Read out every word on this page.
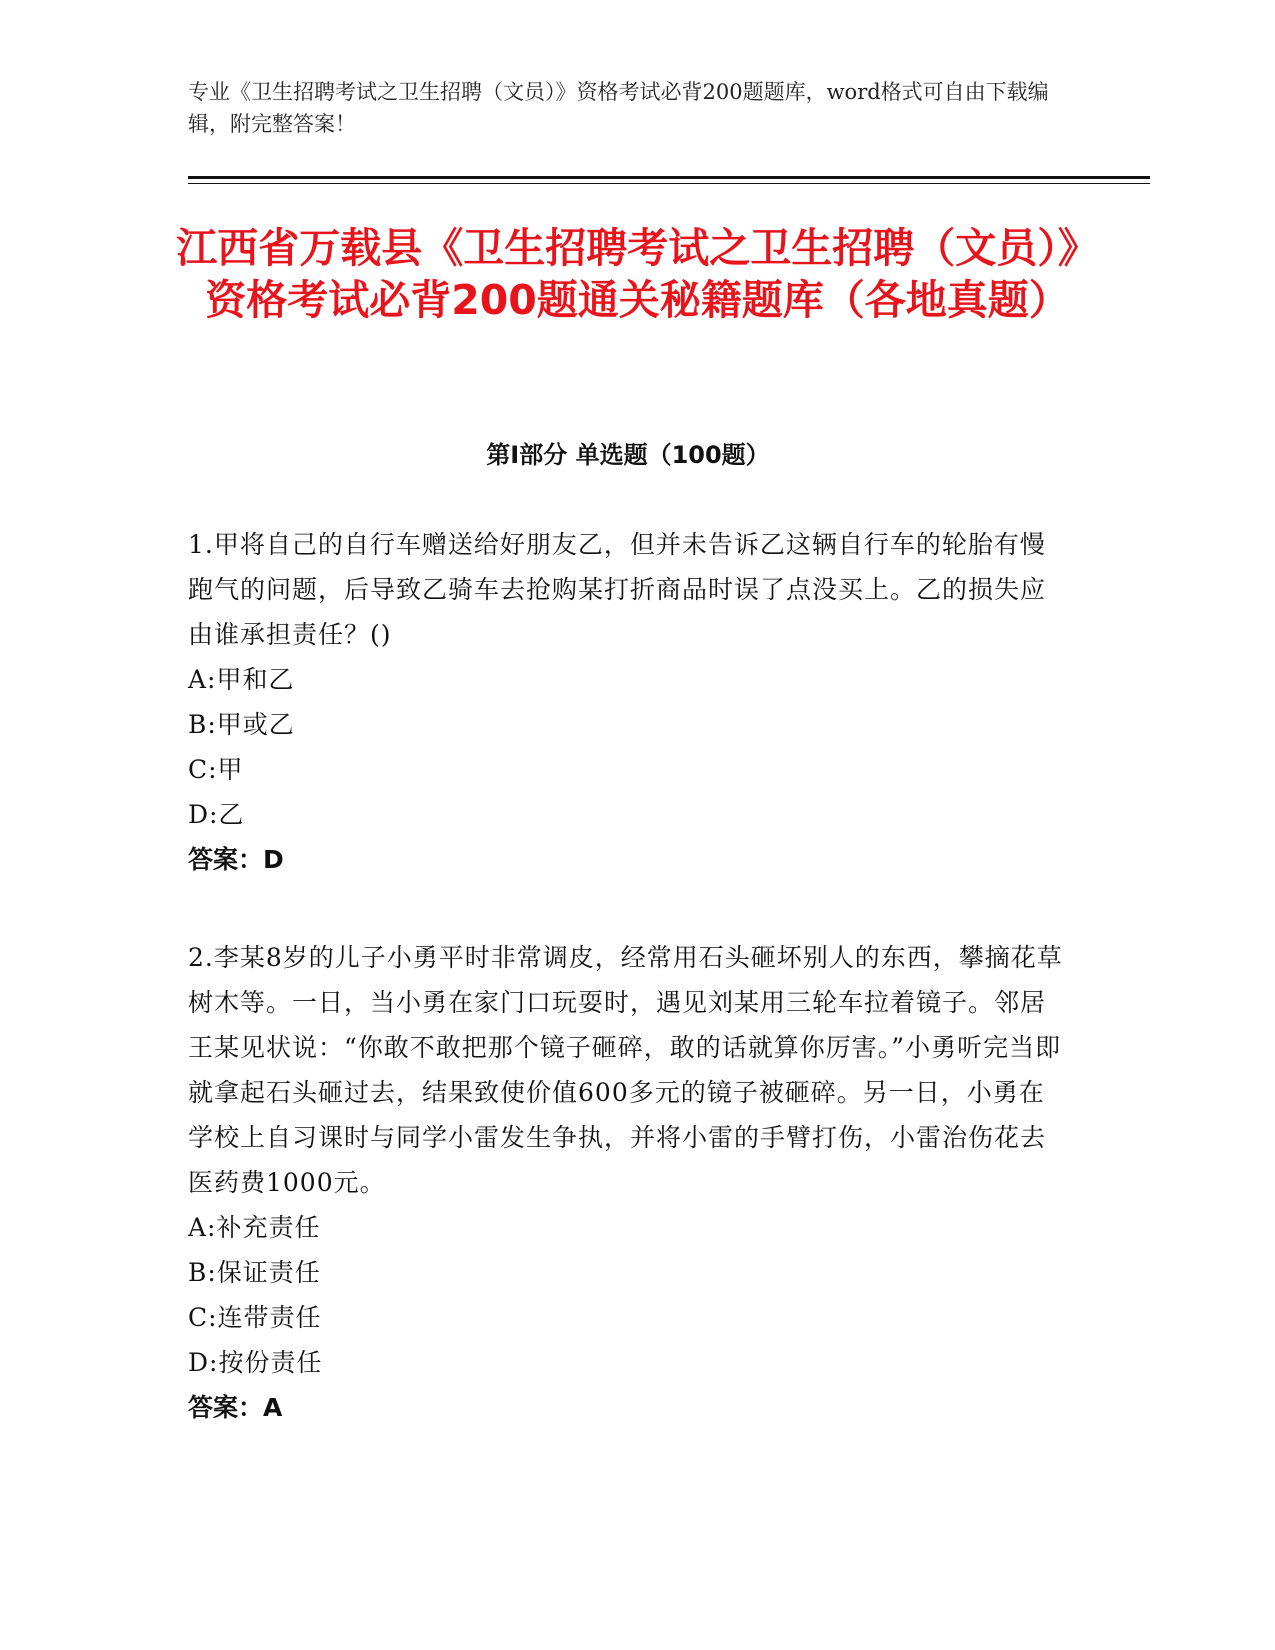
专业《卫生招聘考试之卫生招聘（文员）》资格考试必背200题题库，word格式可自由下载编辑，附完整答案！
江西省万载县《卫生招聘考试之卫生招聘（文员）》资格考试必背200题通关秘籍题库（各地真题）
第I部分 单选题（100题）
1.甲将自己的自行车赠送给好朋友乙，但并未告诉乙这辆自行车的轮胎有慢跑气的问题，后导致乙骑车去抢购某打折商品时误了点没买上。乙的损失应由谁承担责任？()
A:甲和乙
B:甲或乙
C:甲
D:乙
答案：D
2.李某8岁的儿子小勇平时非常调皮，经常用石头砸坏别人的东西，攀摘花草树木等。一日，当小勇在家门口玩耍时，遇见刘某用三轮车拉着镜子。邻居王某见状说：“你敢不敢把那个镜子砸碎，敢的话就算你厉害。”小勇听完当即就拿起石头砸过去，结果致使价值600多元的镜子被砸碎。另一日，小勇在学校上自习课时与同学小雷发生争执，并将小雷的手臂打伤，小雷治伤花去医药费1000元。
A:补充责任
B:保证责任
C:连带责任
D:按份责任
答案：A
